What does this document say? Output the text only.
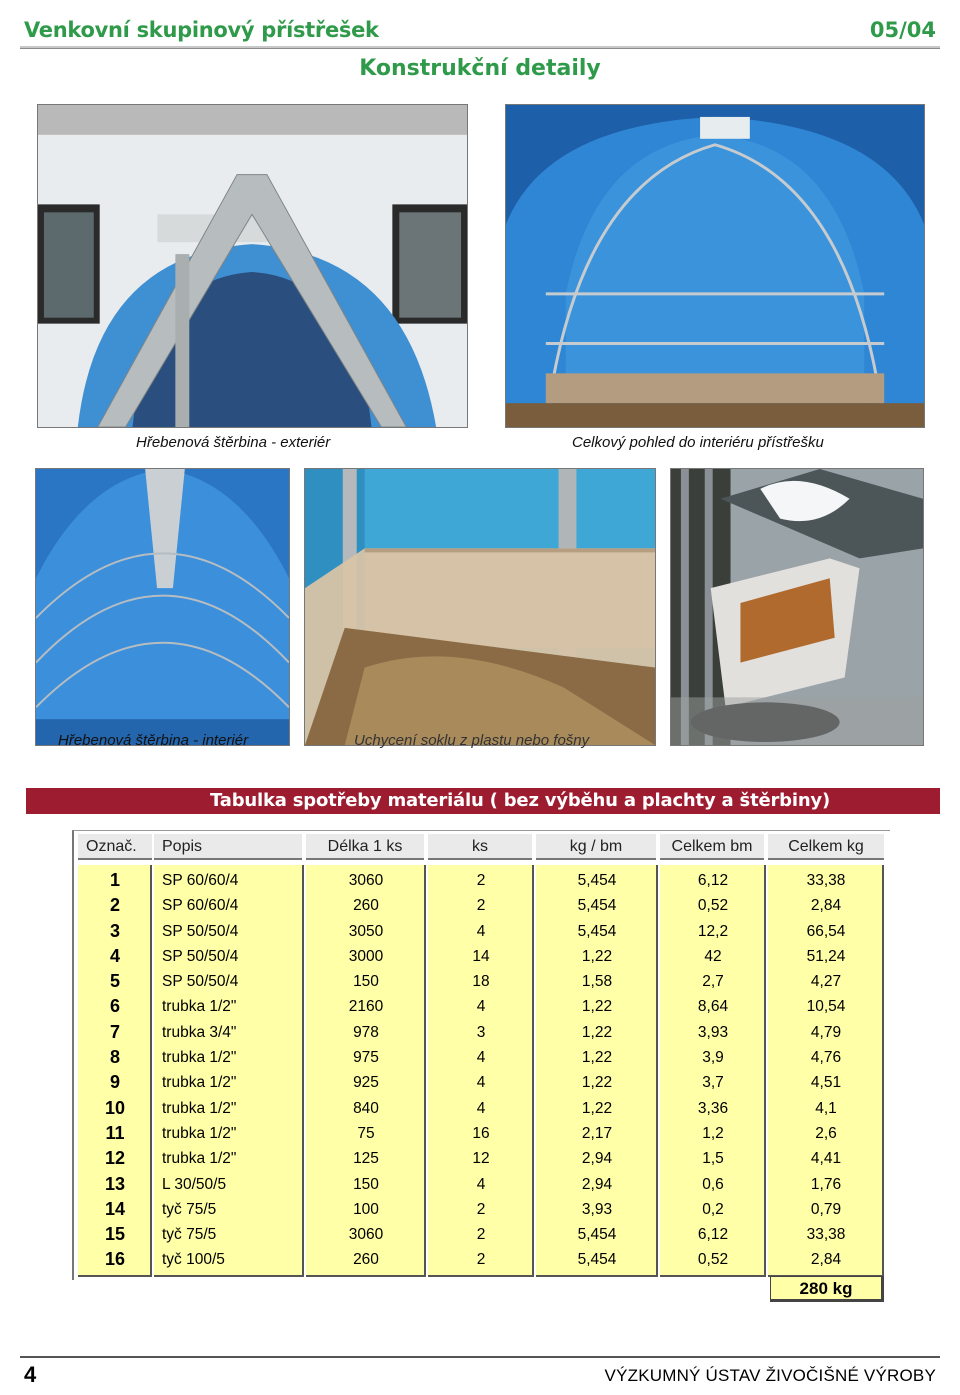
Venkovní skupinový přístřešek	05/04
Konstrukční detaily
Hřebenová štěrbina - exteriér	Celkový pohled do interiéru přístřešku
Hřebenová štěrbina - interiér	Uchycení soklu z plastu nebo fošny
Tabulka spotřeby materiálu ( bez výběhu a plachty a štěrbiny)
Označ.	Popis	Délka 1 ks	ks	kg / bm	Celkem bm	Celkem kg
1	SP 60/60/4	3060	2	5,454	6,12	33,38
2	SP 60/60/4	260	2	5,454	0,52	2,84
3	SP 50/50/4	3050	4	5,454	12,2	66,54
4	SP 50/50/4	3000	14	1,22	42	51,24
5	SP 50/50/4	150	18	1,58	2,7	4,27
6	trubka 1/2"	2160	4	1,22	8,64	10,54
7	trubka 3/4"	978	3	1,22	3,93	4,79
8	trubka 1/2"	975	4	1,22	3,9	4,76
9	trubka 1/2"	925	4	1,22	3,7	4,51
10	trubka 1/2"	840	4	1,22	3,36	4,1
11	trubka 1/2"	75	16	2,17	1,2	2,6
12	trubka 1/2"	125	12	2,94	1,5	4,41
13	L 30/50/5	150	4	2,94	0,6	1,76
14	tyč 75/5	100	2	3,93	0,2	0,79
15	tyč 75/5	3060	2	5,454	6,12	33,38
16	tyč 100/5	260	2	5,454	0,52	2,84
280 kg
4	VÝZKUMNÝ ÚSTAV ŽIVOČIŠNÉ VÝROBY
